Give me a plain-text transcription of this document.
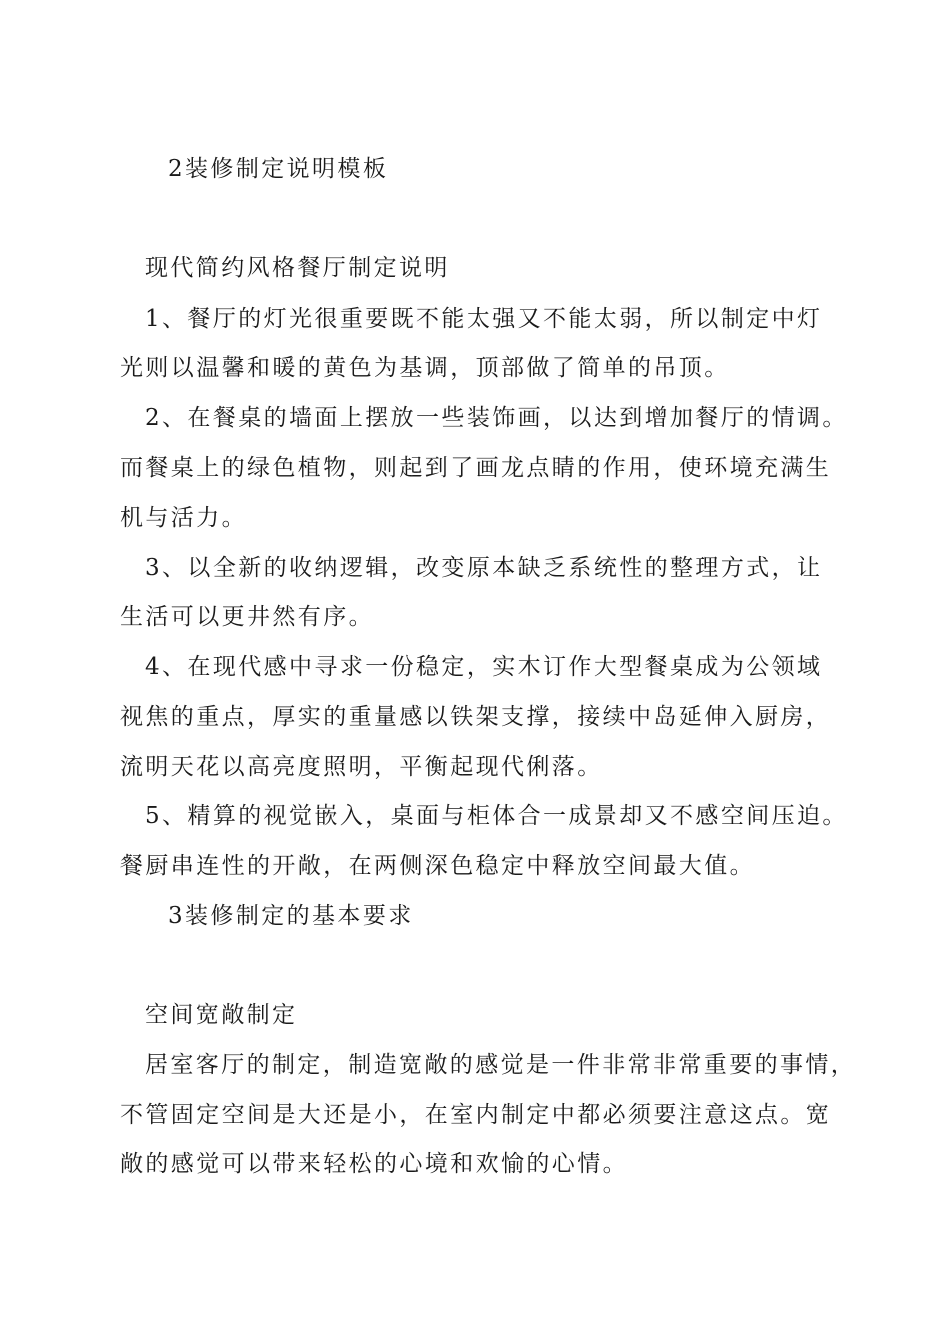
2装修制定说明模板
现代简约风格餐厅制定说明
1、餐厅的灯光很重要既不能太强又不能太弱，所以制定中灯
光则以温馨和暖的黄色为基调，顶部做了简单的吊顶。
2、在餐桌的墙面上摆放一些装饰画，以达到增加餐厅的情调。
而餐桌上的绿色植物，则起到了画龙点睛的作用，使环境充满生
机与活力。
3、以全新的收纳逻辑，改变原本缺乏系统性的整理方式，让
生活可以更井然有序。
4、在现代感中寻求一份稳定，实木订作大型餐桌成为公领域
视焦的重点，厚实的重量感以铁架支撑，接续中岛延伸入厨房，
流明天花以高亮度照明，平衡起现代俐落。
5、精算的视觉嵌入，桌面与柜体合一成景却又不感空间压迫。
餐厨串连性的开敞，在两侧深色稳定中释放空间最大值。
3装修制定的基本要求
空间宽敞制定
居室客厅的制定，制造宽敞的感觉是一件非常非常重要的事情，
不管固定空间是大还是小，在室内制定中都必须要注意这点。宽
敞的感觉可以带来轻松的心境和欢愉的心情。
